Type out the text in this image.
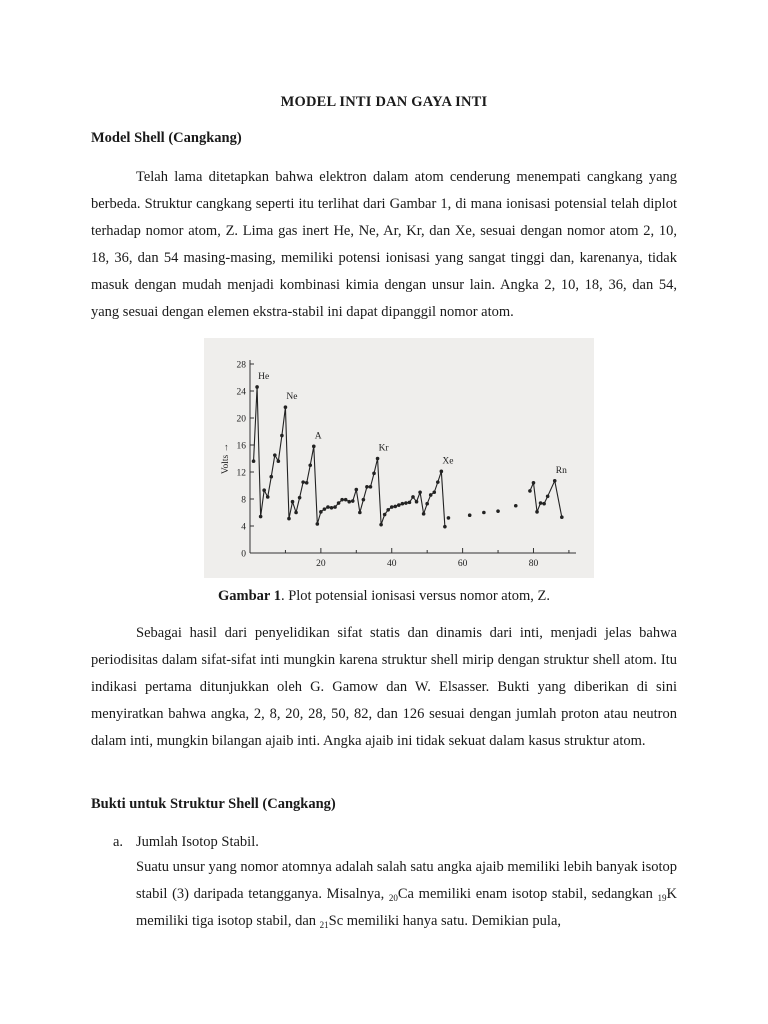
MODEL INTI DAN GAYA INTI
Model Shell (Cangkang)

Telah lama ditetapkan bahwa elektron dalam atom cenderung menempati cangkang yang berbeda. Struktur cangkang seperti itu terlihat dari Gambar 1, di mana ionisasi potensial telah diplot terhadap nomor atom, Z. Lima gas inert He, Ne, Ar, Kr, dan Xe, sesuai dengan nomor atom 2, 10, 18, 36, dan 54 masing-masing, memiliki potensi ionisasi yang sangat tinggi dan, karenanya, tidak masuk dengan mudah menjadi kombinasi kimia dengan unsur lain. Angka 2, 10, 18, 36, dan 54, yang sesuai dengan elemen ekstra-stabil ini dapat dipanggil nomor atom.

0
4
8
12
16
20
24
28
20	40	60	80
Volts →
He
Ne
A
Kr
Xe
Rn
Gambar 1. Plot potensial ionisasi versus nomor atom, Z.

Sebagai hasil dari penyelidikan sifat statis dan dinamis dari inti, menjadi jelas bahwa periodisitas dalam sifat-sifat inti mungkin karena struktur shell mirip dengan struktur shell atom. Itu indikasi pertama ditunjukkan oleh G. Gamow dan W. Elsasser. Bukti yang diberikan di sini menyiratkan bahwa angka, 2, 8, 20, 28, 50, 82, dan 126 sesuai dengan jumlah proton atau neutron dalam inti, mungkin bilangan ajaib inti. Angka ajaib ini tidak sekuat dalam kasus struktur atom.

Bukti untuk Struktur Shell (Cangkang)
a. Jumlah Isotop Stabil.

Suatu unsur yang nomor atomnya adalah salah satu angka ajaib memiliki lebih banyak isotop stabil (3) daripada tetangganya. Misalnya, $_{20}$Ca memiliki enam isotop stabil, sedangkan $_{19}$K memiliki tiga isotop stabil, dan $_{21}$Sc memiliki hanya satu. Demikian pula,
